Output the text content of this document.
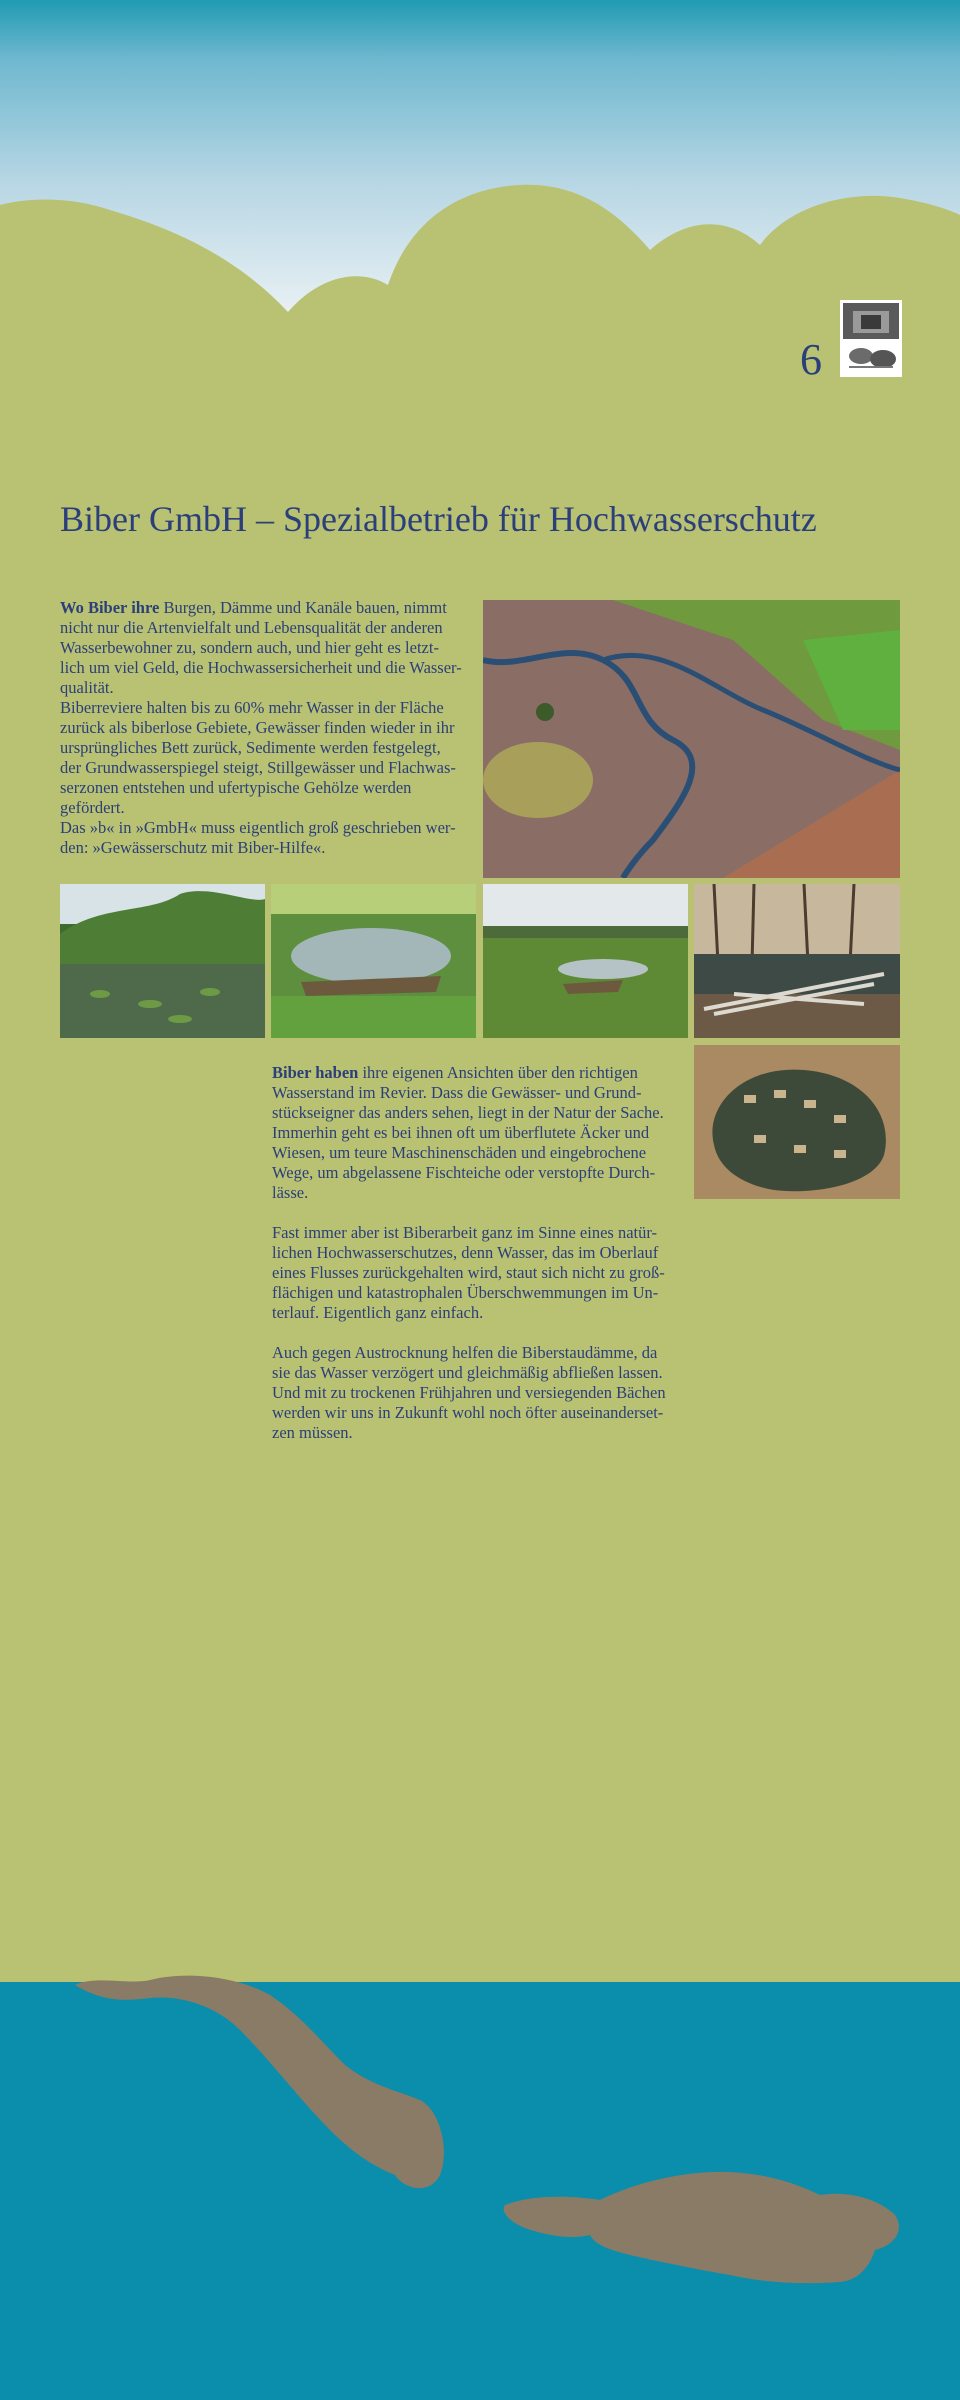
6
Biber GmbH – Spezialbetrieb für Hochwasserschutz

Wo Biber ihre Burgen, Dämme und Kanäle bauen, nimmt

nicht nur die Artenvielfalt und Lebensqualität der anderen

Wasserbewohner zu, sondern auch, und hier geht es letzt-

lich um viel Geld, die Hochwassersicherheit und die Wasser-

qualität.

Biberreviere halten bis zu 60% mehr Wasser in der Fläche

zurück als biberlose Gebiete, Gewässer finden wieder in ihr

ursprüngliches Bett zurück, Sedimente werden festgelegt,

der Grundwasserspiegel steigt, Stillgewässer und Flachwas-

serzonen entstehen und ufertypische Gehölze werden

gefördert.

Das »b« in »GmbH« muss eigentlich groß geschrieben wer-

den: »Gewässerschutz mit Biber-Hilfe«.

Biber haben ihre eigenen Ansichten über den richtigen

Wasserstand im Revier. Dass die Gewässer- und Grund-

stückseigner das anders sehen, liegt in der Natur der Sache.

Immerhin geht es bei ihnen oft um überflutete Äcker und

Wiesen, um teure Maschinenschäden und eingebrochene

Wege, um abgelassene Fischteiche oder verstopfte Durch-

lässe.

Fast immer aber ist Biberarbeit ganz im Sinne eines natür-

lichen Hochwasserschutzes, denn Wasser, das im Oberlauf

eines Flusses zurückgehalten wird, staut sich nicht zu groß-

flächigen und katastrophalen Überschwemmungen im Un-

terlauf. Eigentlich ganz einfach.

Auch gegen Austrocknung helfen die Biberstaudämme, da

sie das Wasser verzögert und gleichmäßig abfließen lassen.

Und mit zu trockenen Frühjahren und versiegenden Bächen

werden wir uns in Zukunft wohl noch öfter auseinanderset-

zen müssen.
